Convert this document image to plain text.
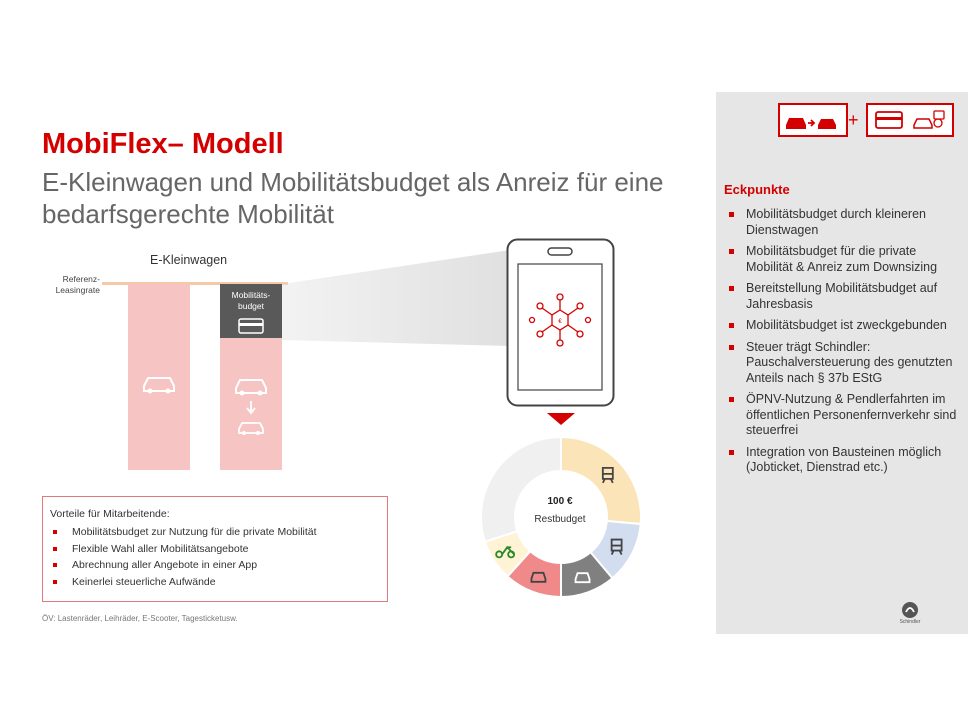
MobiFlex– Modell
E-Kleinwagen und Mobilitätsbudget als Anreiz für eine bedarfsgerechte Mobilität
E-Kleinwagen
Referenz-Leasingrate	Mobilitäts-budget
€
100 €
Restbudget
Vorteile für Mitarbeitende:
Mobilitätsbudget zur Nutzung für die private Mobilität
Flexible Wahl aller Mobilitätsangebote
Abrechnung aller Angebote in einer App
Keinerlei steuerliche Aufwände
ÖV: Lastenräder, Leihräder, E-Scooter, Tagesticketusw.
+
Eckpunkte
Mobilitätsbudget durch kleineren Dienstwagen
Mobilitätsbudget für die private Mobilität & Anreiz zum Downsizing
Bereitstellung Mobilitätsbudget auf Jahresbasis
Mobilitätsbudget ist zweckgebunden
Steuer trägt Schindler: Pauschalversteuerung des genutzten Anteils nach § 37b EStG
ÖPNV-Nutzung & Pendlerfahrten im öffentlichen Personenfernverkehr sind steuerfrei
Integration von Bausteinen möglich (Jobticket, Dienstrad etc.)
Schindler
